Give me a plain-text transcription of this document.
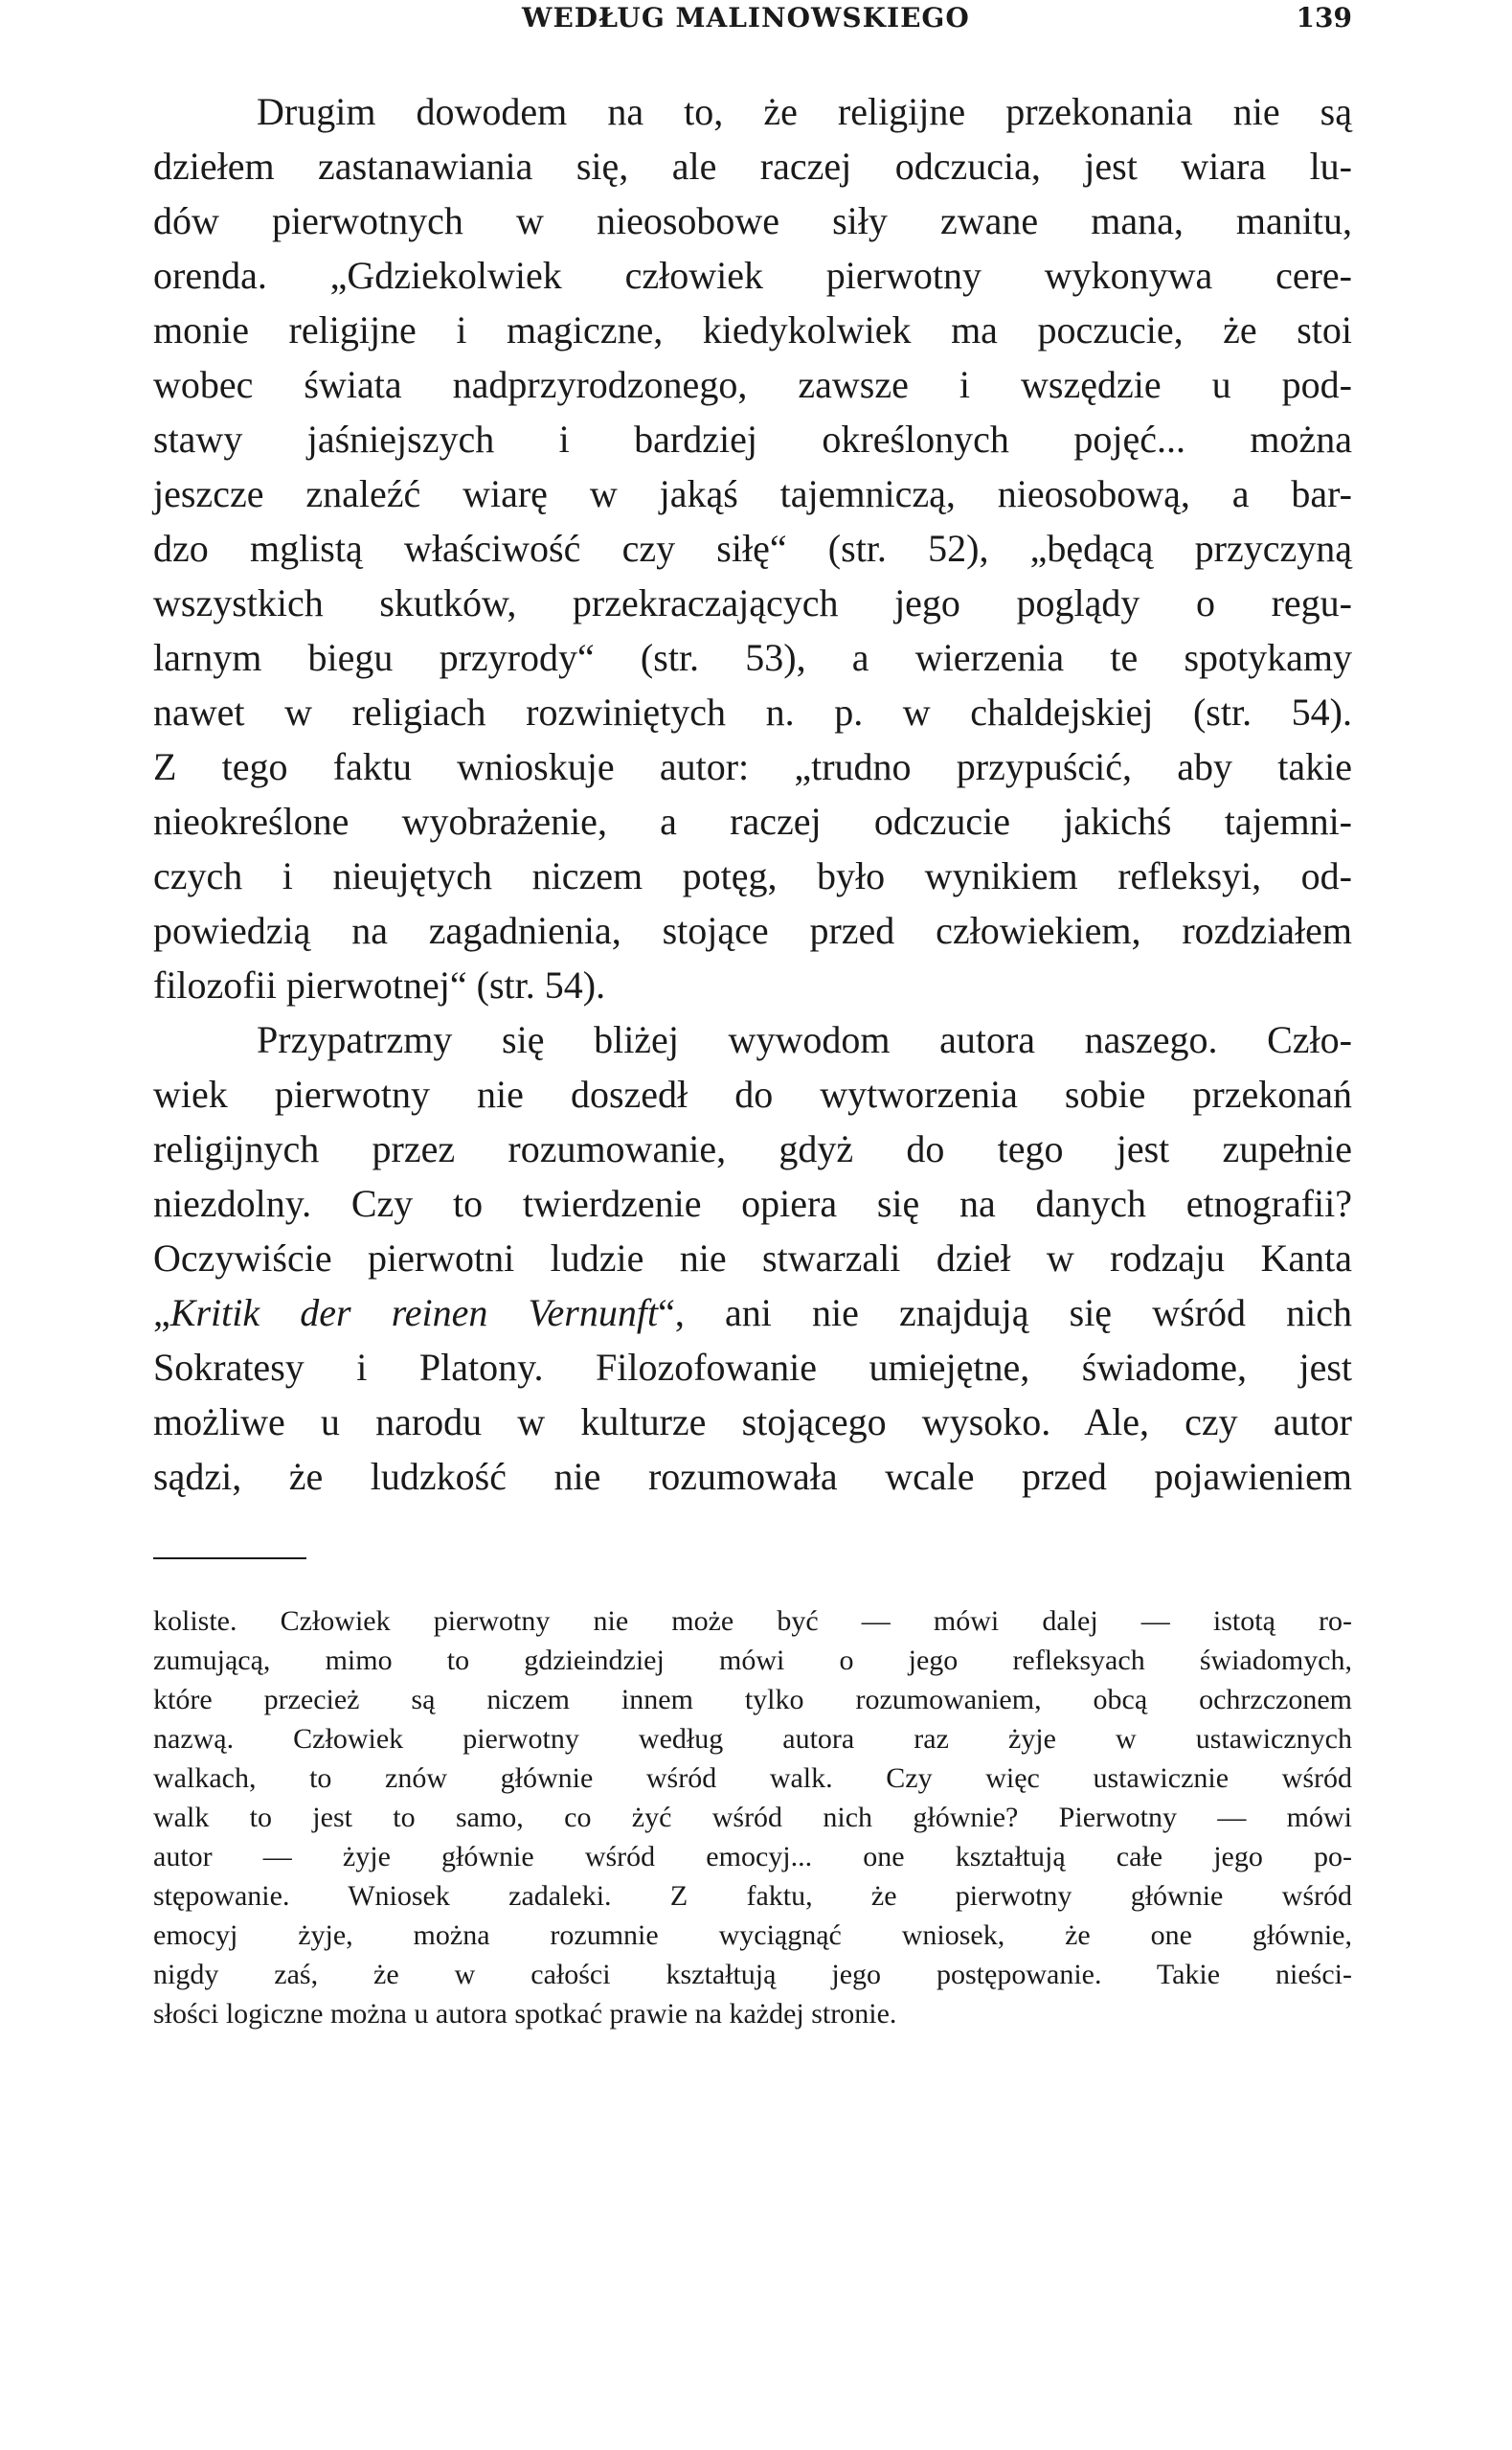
WEDŁUG MALINOWSKIEGO	139
Drugim dowodem na to, że religijne przekonania nie są
dziełem zastanawiania się, ale raczej odczucia, jest wiara lu-
dów pierwotnych w nieosobowe siły zwane mana, manitu,
orenda. „Gdziekolwiek człowiek pierwotny wykonywa cere-
monie religijne i magiczne, kiedykolwiek ma poczucie, że stoi
wobec świata nadprzyrodzonego, zawsze i wszędzie u pod-
stawy jaśniejszych i bardziej określonych pojęć... można
jeszcze znaleźć wiarę w jakąś tajemniczą, nieosobową, a bar-
dzo mglistą właściwość czy siłę“ (str. 52), „będącą przyczyną
wszystkich skutków, przekraczających jego poglądy o regu-
larnym biegu przyrody“ (str. 53), a wierzenia te spotykamy
nawet w religiach rozwiniętych n. p. w chaldejskiej (str. 54).
Z tego faktu wnioskuje autor: „trudno przypuścić, aby takie
nieokreślone wyobrażenie, a raczej odczucie jakichś tajemni-
czych i nieujętych niczem potęg, było wynikiem refleksyi, od-
powiedzią na zagadnienia, stojące przed człowiekiem, rozdziałem
filozofii pierwotnej“ (str. 54).
Przypatrzmy się bliżej wywodom autora naszego. Czło-
wiek pierwotny nie doszedł do wytworzenia sobie przekonań
religijnych przez rozumowanie, gdyż do tego jest zupełnie
niezdolny. Czy to twierdzenie opiera się na danych etnografii?
Oczywiście pierwotni ludzie nie stwarzali dzieł w rodzaju Kanta
„Kritik der reinen Vernunft“, ani nie znajdują się wśród nich
Sokratesy i Platony. Filozofowanie umiejętne, świadome, jest
możliwe u narodu w kulturze stojącego wysoko. Ale, czy autor
sądzi, że ludzkość nie rozumowała wcale przed pojawieniem
koliste. Człowiek pierwotny nie może być — mówi dalej — istotą ro-
zumującą, mimo to gdzieindziej mówi o jego refleksyach świadomych,
które przecież są niczem innem tylko rozumowaniem, obcą ochrzczonem
nazwą. Człowiek pierwotny według autora raz żyje w ustawicznych
walkach, to znów głównie wśród walk. Czy więc ustawicznie wśród
walk to jest to samo, co żyć wśród nich głównie? Pierwotny — mówi
autor — żyje głównie wśród emocyj... one kształtują całe jego po-
stępowanie. Wniosek zadaleki. Z faktu, że pierwotny głównie wśród
emocyj żyje, można rozumnie wyciągnąć wniosek, że one głównie,
nigdy zaś, że w całości kształtują jego postępowanie. Takie nieści-
słości logiczne można u autora spotkać prawie na każdej stronie.
